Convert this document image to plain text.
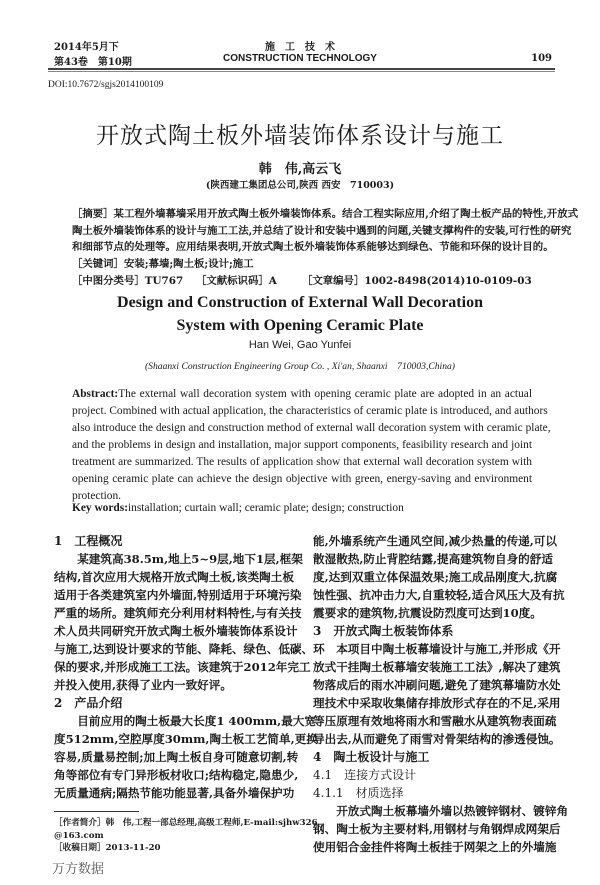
2014年5月下
第43卷　第10期
施　工　技　术
CONSTRUCTION TECHNOLOGY	109
DOI:10.7672/sgjs2014100109
开放式陶土板外墙装饰体系设计与施工
韩　伟,高云飞
(陕西建工集团总公司,陕西 西安　710003)
［摘要］某工程外墙幕墙采用开放式陶土板外墙装饰体系。结合工程实际应用,介绍了陶土板产品的特性,开放式
陶土板外墙装饰体系的设计与施工工法,并总结了设计和安装中遇到的问题,关键支撑构件的安装,可行性的研究
和细部节点的处理等。应用结果表明,开放式陶土板外墙装饰体系能够达到绿色、节能和环保的设计目的。
［关键词］安装;幕墙;陶土板;设计;施工
［中图分类号］TU767 ［文献标识码］A ［文章编号］1002-8498(2014)10-0109-03
Design and Construction of External Wall Decoration
System with Opening Ceramic Plate
Han Wei, Gao Yunfei
(Shaanxi Construction Engineering Group Co. , Xi'an, Shaanxi　710003,China)
Abstract:The external wall decoration system with opening ceramic plate are adopted in an actual
project. Combined with actual application, the characteristics of ceramic plate is introduced, and authors
also introduce the design and construction method of external wall decoration system with ceramic plate,
and the problems in design and installation, major support components, feasibility research and joint
treatment are summarized. The results of application show that external wall decoration system with
opening ceramic plate can achieve the design objective with green, energy-saving and environment
protection.
Key words:installation; curtain wall; ceramic plate; design; construction
1　工程概况
　　某建筑高38.5m,地上5~9层,地下1层,框架
结构,首次应用大规格开放式陶土板,该类陶土板
适用于各类建筑室内外墙面,特别适用于环境污染
严重的场所。建筑师充分利用材料特性,与有关技
术人员共同研究开放式陶土板外墙装饰体系设计
与施工,达到设计要求的节能、降耗、绿色、低碳、环
保的要求,并形成施工工法。该建筑于2012年完工
并投入使用,获得了业内一致好评。
2　产品介绍
　　目前应用的陶土板最大长度1 400mm,最大宽
度512mm,空腔厚度30mm,陶土板工艺简单,更换
容易,质量易控制;加上陶土板自身可随意切割,转
角等部位有专门异形板材收口;结构稳定,隐患少,
无质量通病;隔热节能功能显著,具备外墙保护功
［作者简介］韩　伟,工程一部总经理,高级工程师,E-mail:sjhw326
@163.com
［收稿日期］2013-11-20
万方数据
能,外墙系统产生通风空间,减少热量的传递,可以
散湿散热,防止背腔结露,提高建筑物自身的舒适
度,达到双重立体保温效果;施工成品刚度大,抗腐
蚀性强、抗冲击力大,自重较轻,适合风压大及有抗
震要求的建筑物,抗震设防烈度可达到10度。
3　开放式陶土板装饰体系
　　本项目中陶土板幕墙设计与施工,并形成《开
放式干挂陶土板幕墙安装施工工法》,解决了建筑
物落成后的雨水冲刷问题,避免了建筑幕墙防水处
理技术中采取收集储存排放形式存在的不足,采用
等压原理有效地将雨水和雪融水从建筑物表面疏
导出去,从而避免了雨雪对骨架结构的渗透侵蚀。
4　陶土板设计与施工
4.1　连接方式设计
4.1.1　材质选择
　　开放式陶土板幕墙外墙以热镀锌钢材、镀锌角
钢、陶土板为主要材料,用钢材与角钢焊成网架后
使用铝合金挂件将陶土板挂于网架之上的外墙施
